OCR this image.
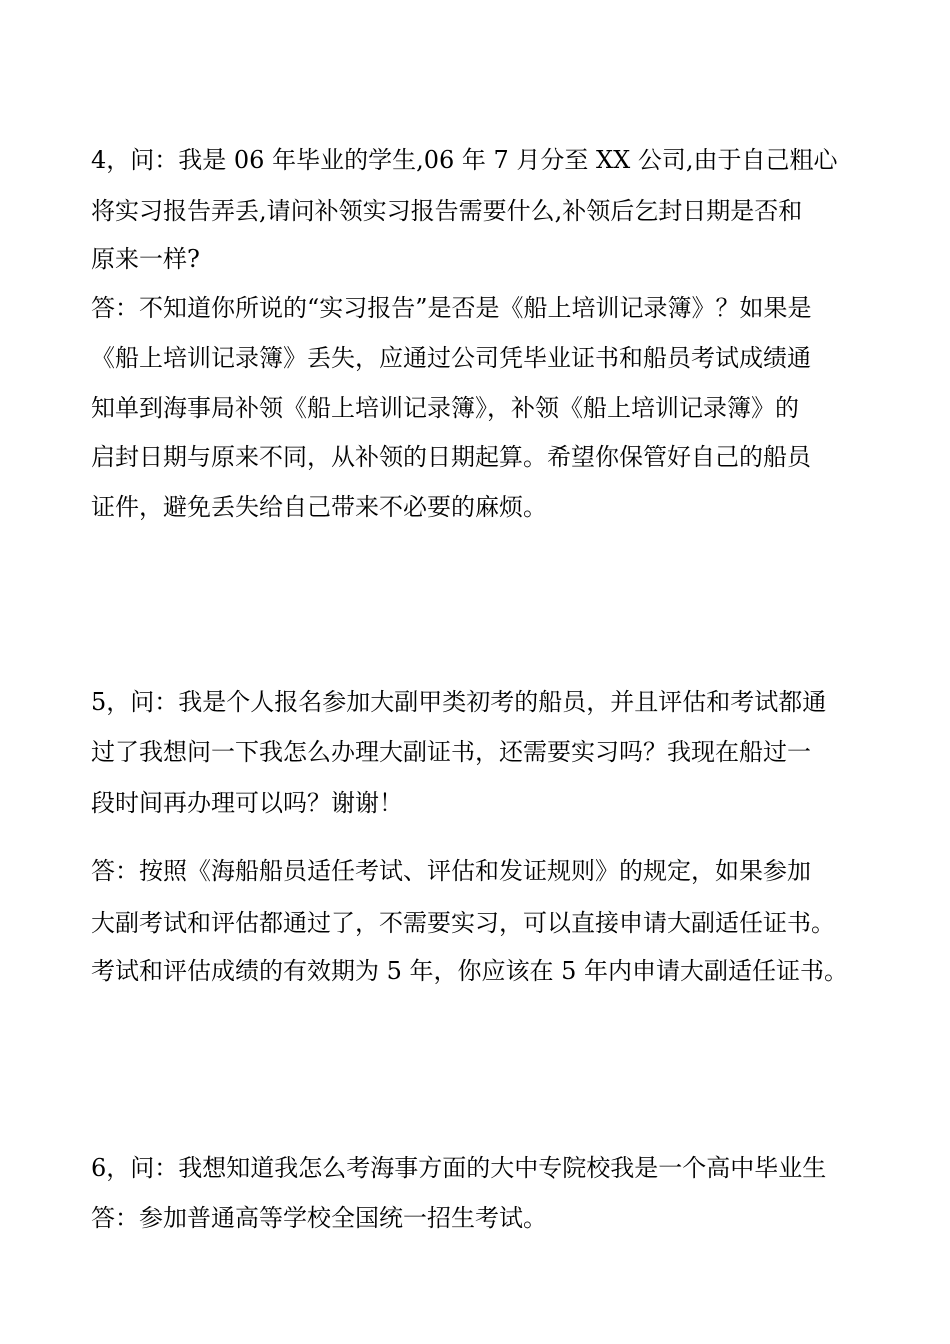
4，问：我是 06 年毕业的学生,06 年 7 月分至 XX 公司,由于自己粗心

将实习报告弄丢,请问补领实习报告需要什么,补领后乞封日期是否和

原来一样?

答：不知道你所说的“实习报告”是否是《船上培训记录簿》？如果是

《船上培训记录簿》丢失，应通过公司凭毕业证书和船员考试成绩通

知单到海事局补领《船上培训记录簿》，补领《船上培训记录簿》的

启封日期与原来不同，从补领的日期起算。希望你保管好自己的船员

证件，避免丢失给自己带来不必要的麻烦。

5，问：我是个人报名参加大副甲类初考的船员，并且评估和考试都通

过了我想问一下我怎么办理大副证书，还需要实习吗？我现在船过一

段时间再办理可以吗？谢谢！

答：按照《海船船员适任考试、评估和发证规则》的规定，如果参加

大副考试和评估都通过了，不需要实习，可以直接申请大副适任证书。

考试和评估成绩的有效期为 5 年，你应该在 5 年内申请大副适任证书。

6，问：我想知道我怎么考海事方面的大中专院校我是一个高中毕业生

答：参加普通高等学校全国统一招生考试。
